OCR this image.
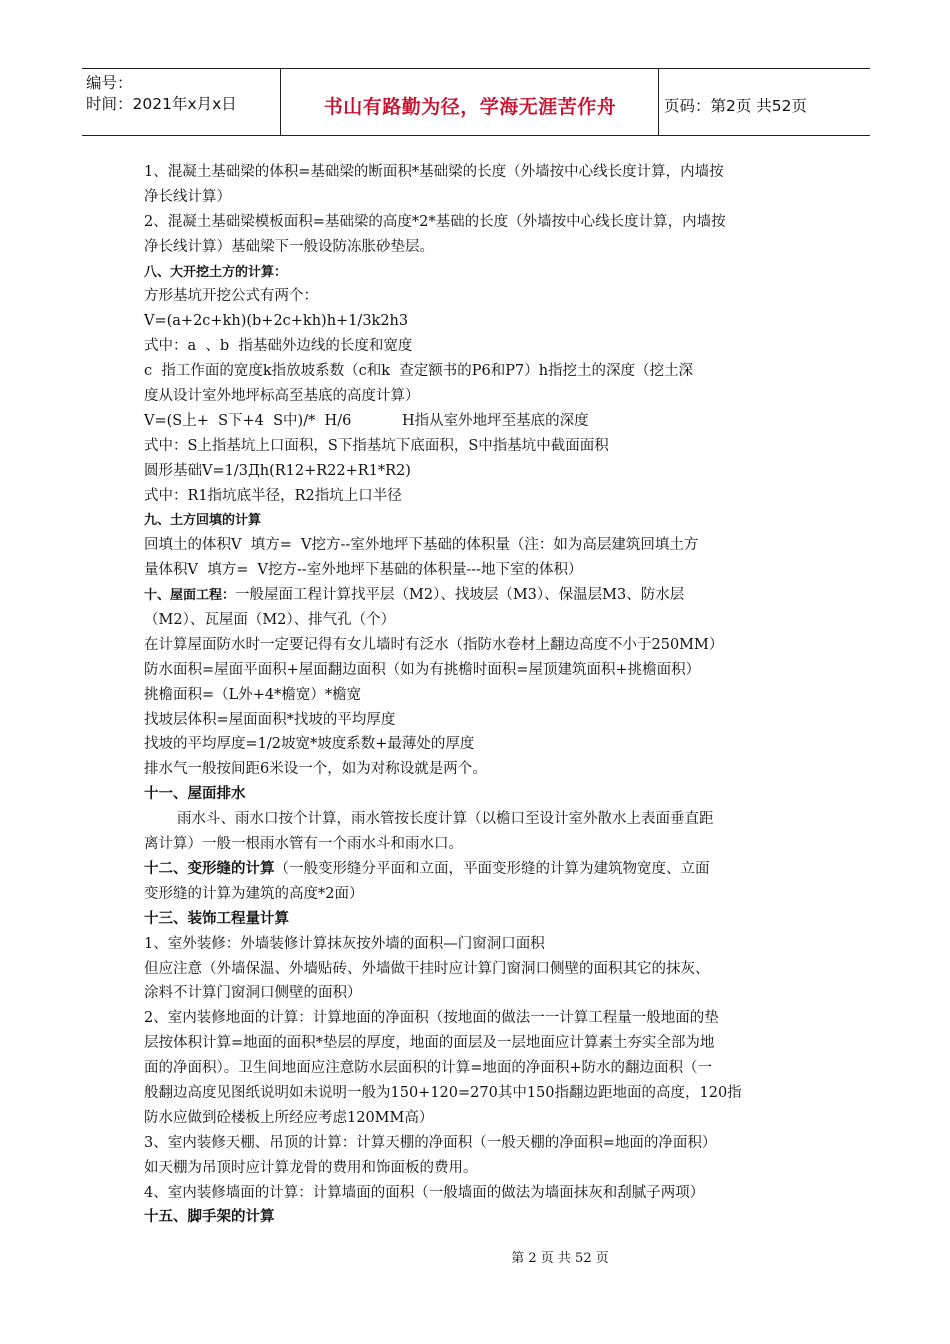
编号：
时间：2021年x月x日	书山有路勤为径，学海无涯苦作舟	页码：第2页 共52页
1、混凝土基础梁的体积=基础梁的断面积*基础梁的长度（外墙按中心线长度计算，内墙按
净长线计算）
2、混凝土基础梁模板面积=基础梁的高度*2*基础的长度（外墙按中心线长度计算，内墙按
净长线计算）基础梁下一般设防冻胀砂垫层。
八、大开挖土方的计算：
方形基坑开挖公式有两个：
V=(a+2c+kh)(b+2c+kh)h+1/3k2h3
式中：a  、b  指基础外边线的长度和宽度
c  指工作面的宽度k指放坡系数（c和k  查定额书的P6和P7）h指挖土的深度（挖土深
度从设计室外地坪标高至基底的高度计算）
V=(S上+  S下+4  S中)/*  H/6           H指从室外地坪至基底的深度
式中：S上指基坑上口面积，S下指基坑下底面积，S中指基坑中截面面积
圆形基础V=1/3Дh(R12+R22+R1*R2)
式中：R1指坑底半径，R2指坑上口半径
九、土方回填的计算
回填土的体积V  填方=  V挖方--室外地坪下基础的体积量（注：如为高层建筑回填土方
量体积V  填方=  V挖方--室外地坪下基础的体积量---地下室的体积）
十、屋面工程：一般屋面工程计算找平层（M2）、找坡层（M3）、保温层M3、防水层
（M2）、瓦屋面（M2）、排气孔（个）
在计算屋面防水时一定要记得有女儿墙时有泛水（指防水卷材上翻边高度不小于250MM）
防水面积=屋面平面积+屋面翻边面积（如为有挑檐时面积=屋顶建筑面积+挑檐面积）
挑檐面积=（L外+4*檐宽）*檐宽
找坡层体积=屋面面积*找坡的平均厚度
找坡的平均厚度=1/2坡宽*坡度系数+最薄处的厚度
排水气一般按间距6米设一个，如为对称设就是两个。
十一、屋面排水
雨水斗、雨水口按个计算，雨水管按长度计算（以檐口至设计室外散水上表面垂直距
离计算）一般一根雨水管有一个雨水斗和雨水口。
十二、变形缝的计算（一般变形缝分平面和立面，平面变形缝的计算为建筑物宽度、立面
变形缝的计算为建筑的高度*2面）
十三、装饰工程量计算
1、室外装修：外墙装修计算抹灰按外墙的面积—门窗洞口面积
但应注意（外墙保温、外墙贴砖、外墙做干挂时应计算门窗洞口侧壁的面积其它的抹灰、
涂料不计算门窗洞口侧壁的面积）
2、室内装修地面的计算：计算地面的净面积（按地面的做法一一计算工程量一般地面的垫
层按体积计算=地面的面积*垫层的厚度，地面的面层及一层地面应计算素土夯实全部为地
面的净面积）。卫生间地面应注意防水层面积的计算=地面的净面积+防水的翻边面积（一
般翻边高度见图纸说明如未说明一般为150+120=270其中150指翻边距地面的高度，120指
防水应做到砼楼板上所经应考虑120MM高）
3、室内装修天棚、吊顶的计算：计算天棚的净面积（一般天棚的净面积=地面的净面积）
如天棚为吊顶时应计算龙骨的费用和饰面板的费用。
4、室内装修墙面的计算：计算墙面的面积（一般墙面的做法为墙面抹灰和刮腻子两项）
十五、脚手架的计算
第 2 页 共 52 页
